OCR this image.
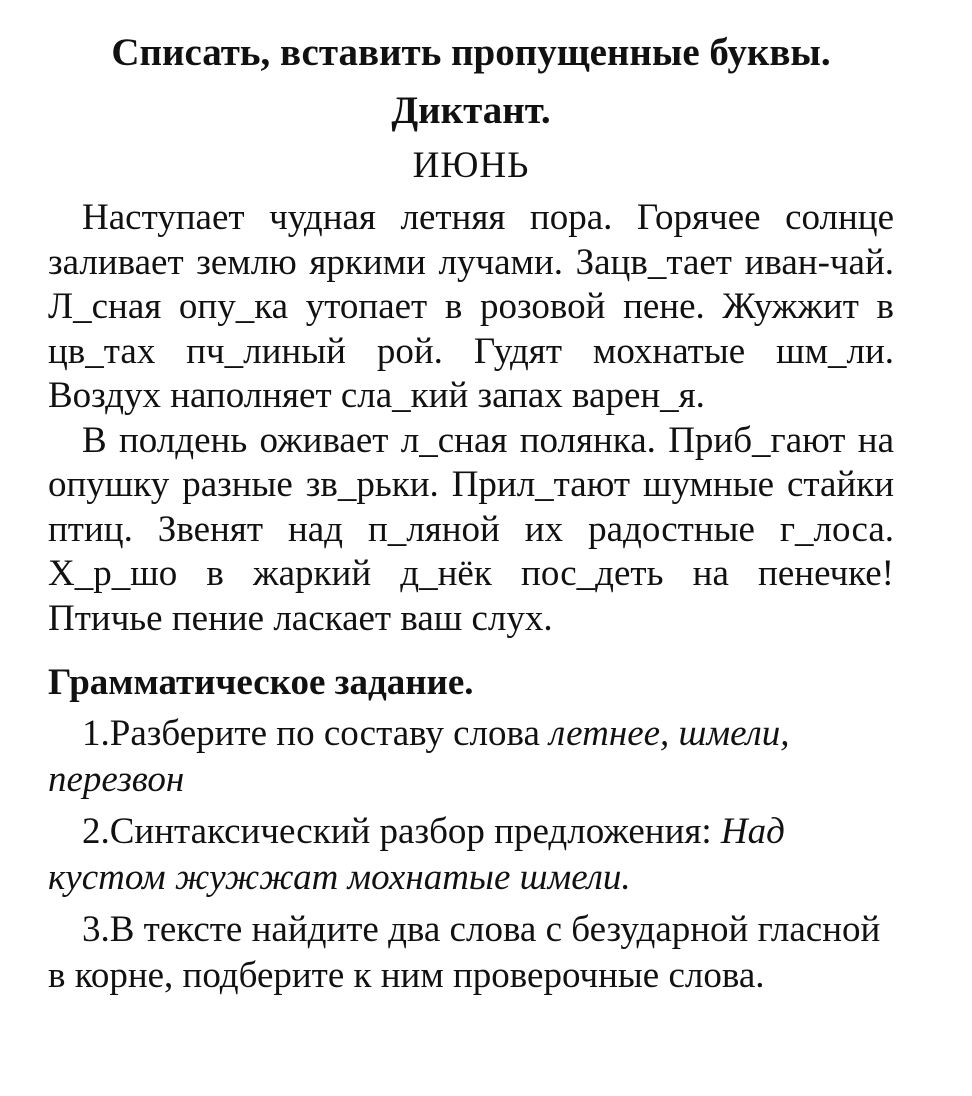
Списать, вставить пропущенные буквы.

Диктант.

ИЮНЬ

Наступает чудная летняя пора. Горячее солнце заливает землю яркими лучами. Зацв_тает иван-чай. Л_сная опу_ка утопает в розовой пене. Жужжит в цв_тах пч_линый рой. Гудят мохнатые шм_ли. Воздух наполняет сла_кий запах варен_я.

В полдень оживает л_сная полянка. Приб_гают на опушку разные зв_рьки. Прил_тают шумные стайки птиц. Звенят над п_ляной их радостные г_лоса. Х_р_шо в жаркий д_нёк пос_деть на пенечке! Птичье пение ласкает ваш слух.

Грамматическое задание.

1.Разберите по составу слова летнее, шмели, перезвон

2.Синтаксический разбор предложения: Над кустом жужжат мохнатые шмели.

3.В тексте найдите два слова с безударной гласной в корне, подберите к ним проверочные слова.
